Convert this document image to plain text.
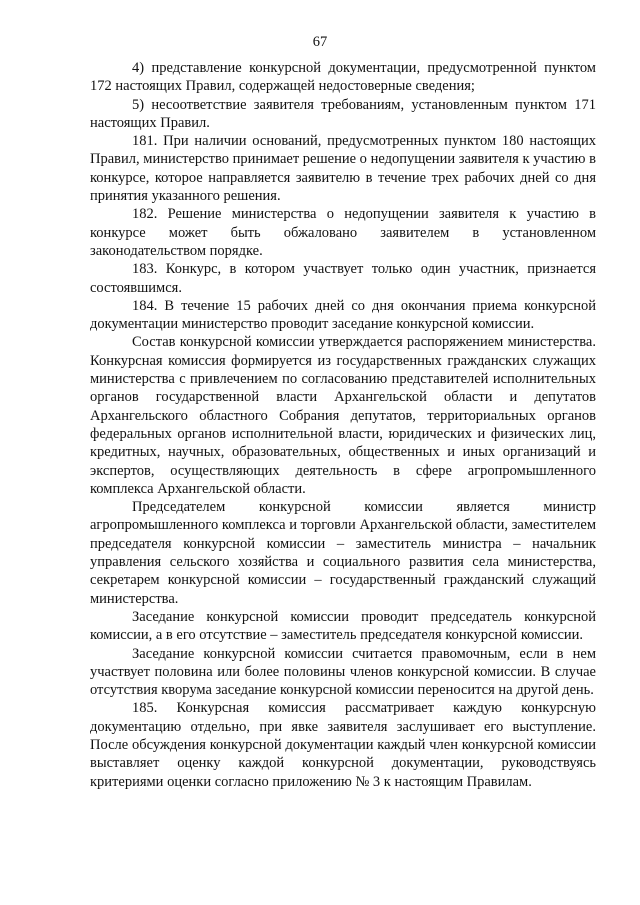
67

4) представление конкурсной документации, предусмотренной пунктом 172 настоящих Правил, содержащей недостоверные сведения;

5) несоответствие заявителя требованиям, установленным пунктом 171 настоящих Правил.

181. При наличии оснований, предусмотренных пунктом 180 настоящих Правил, министерство принимает решение о недопущении заявителя к участию в конкурсе, которое направляется заявителю в течение трех рабочих дней со дня принятия указанного решения.

182. Решение министерства о недопущении заявителя к участию в конкурсе может быть обжаловано заявителем в установленном законодательством порядке.

183. Конкурс, в котором участвует только один участник, признается состоявшимся.

184. В течение 15 рабочих дней со дня окончания приема конкурсной документации министерство проводит заседание конкурсной комиссии.

Состав конкурсной комиссии утверждается распоряжением министерства. Конкурсная комиссия формируется из государственных гражданских служащих министерства с привлечением по согласованию представителей исполнительных органов государственной власти Архангельской области и депутатов Архангельского областного Собрания депутатов, территориальных органов федеральных органов исполнительной власти, юридических и физических лиц, кредитных, научных, образовательных, общественных и иных организаций и экспертов, осуществляющих деятельность в сфере агропромышленного комплекса Архангельской области.

Председателем конкурсной комиссии является министр агропромышленного комплекса и торговли Архангельской области, заместителем председателя конкурсной комиссии – заместитель министра – начальник управления сельского хозяйства и социального развития села министерства, секретарем конкурсной комиссии – государственный гражданский служащий министерства.

Заседание конкурсной комиссии проводит председатель конкурсной комиссии, а в его отсутствие – заместитель председателя конкурсной комиссии.

Заседание конкурсной комиссии считается правомочным, если в нем участвует половина или более половины членов конкурсной комиссии. В случае отсутствия кворума заседание конкурсной комиссии переносится на другой день.

185. Конкурсная комиссия рассматривает каждую конкурсную документацию отдельно, при явке заявителя заслушивает его выступление. После обсуждения конкурсной документации каждый член конкурсной комиссии выставляет оценку каждой конкурсной документации, руководствуясь критериями оценки согласно приложению № 3 к настоящим Правилам.
